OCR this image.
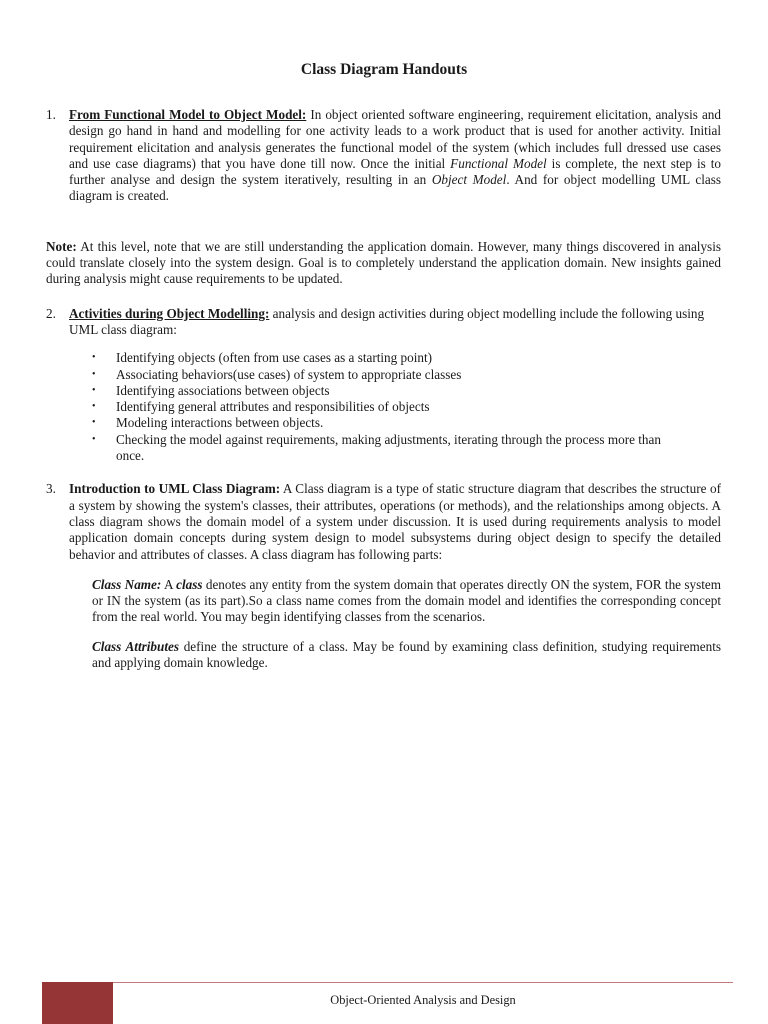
Class Diagram Handouts
1. From Functional Model to Object Model: In object oriented software engineering, requirement elicitation, analysis and design go hand in hand and modelling for one activity leads to a work product that is used for another activity. Initial requirement elicitation and analysis generates the functional model of the system (which includes full dressed use cases and use case diagrams) that you have done till now. Once the initial Functional Model is complete, the next step is to further analyse and design the system iteratively, resulting in an Object Model. And for object modelling UML class diagram is created.

Note: At this level, note that we are still understanding the application domain. However, many things discovered in analysis could translate closely into the system design. Goal is to completely understand the application domain. New insights gained during analysis might cause requirements to be updated.

2. Activities during Object Modelling: analysis and design activities during object modelling include the following using UML class diagram:
• Identifying objects (often from use cases as a starting point)
• Associating behaviors(use cases) of system to appropriate classes
• Identifying associations between objects
• Identifying general attributes and responsibilities of objects
• Modeling interactions between objects.
• Checking the model against requirements, making adjustments, iterating through the process more than once.
3. Introduction to UML Class Diagram: A Class diagram is a type of static structure diagram that describes the structure of a system by showing the system's classes, their attributes, operations (or methods), and the relationships among objects. A class diagram shows the domain model of a system under discussion. It is used during requirements analysis to model application domain concepts during system design to model subsystems during object design to specify the detailed behavior and attributes of classes. A class diagram has following parts:

Class Name: A class denotes any entity from the system domain that operates directly ON the system, FOR the system or IN the system (as its part).So a class name comes from the domain model and identifies the corresponding concept from the real world. You may begin identifying classes from the scenarios.

Class Attributes define the structure of a class. May be found by examining class definition, studying requirements and applying domain knowledge.

Object-Oriented Analysis and Design
